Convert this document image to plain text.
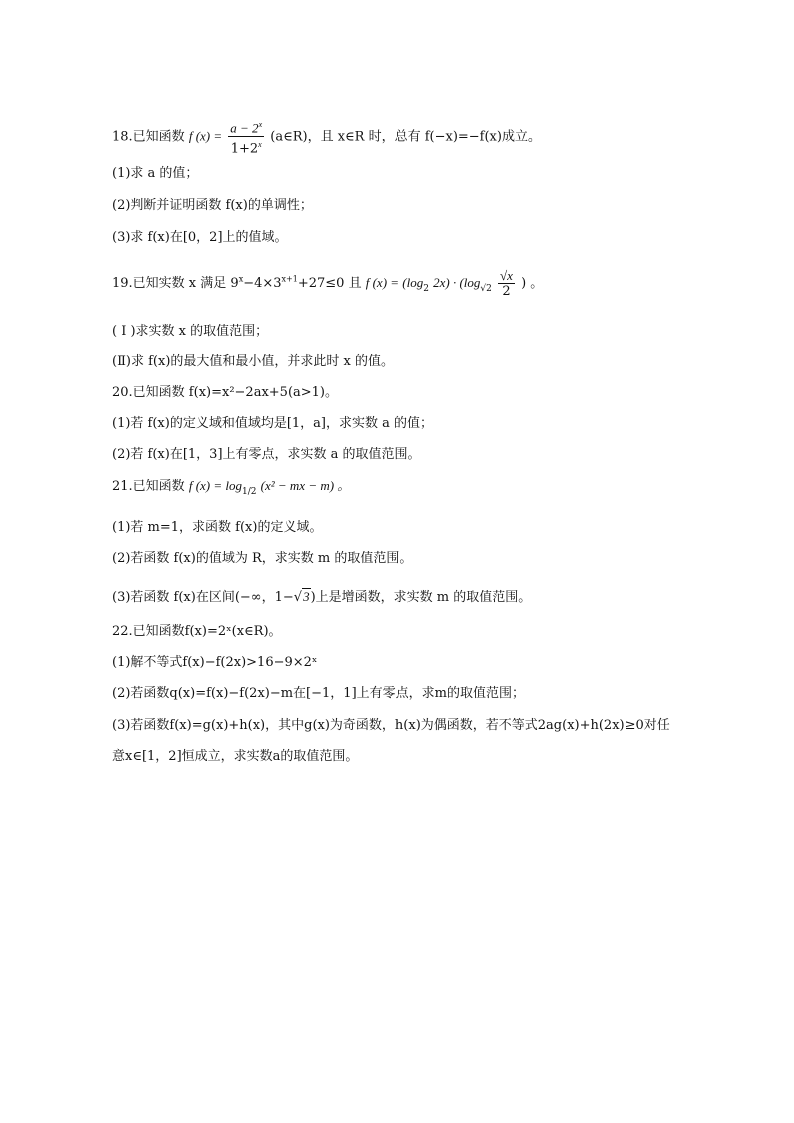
18.已知函数 f $(x) = \frac{a - 2^x}{1+2^x}$ (a∈R)，且 x∈R 时，总有 f(−x)=−f(x)成立。
(1)求 a 的值；
(2)判断并证明函数 f(x)的单调性；
(3)求 f(x)在[0，2]上的值域。
19.已知实数 x 满足 $9^x-4\times 3^{x+1}+27\le 0$ 且 f $(x) = (\log_2$ $2x) \cdot (\log_{√2} \frac{√x}{2}$ ) 。
( Ⅰ )求实数 x 的取值范围；
(Ⅱ)求 f(x)的最大值和最小值，并求此时 x 的值。
20.已知函数 f(x)=x²−2ax+5(a>1)。
(1)若 f(x)的定义域和值域均是[1，a]，求实数 a 的值；
(2)若 f(x)在[1，3]上有零点，求实数 a 的取值范围。
21.已知函数 f $(x) = \log_{1/2} (x^2$ − mx − m) 。
(1)若 m=1，求函数 f(x)的定义域。
(2)若函数 f(x)的值域为 R，求实数 m 的取值范围。
(3)若函数 f(x)在区间(−∞，1−√3)上是增函数，求实数 m 的取值范围。
22.已知函数f(x)=2ˣ(x∈R)。
(1)解不等式f(x)−f(2x)>16−9×2ˣ
(2)若函数q(x)=f(x)−f(2x)−m在[−1，1]上有零点，求m的取值范围；
(3)若函数f(x)=g(x)+h(x)，其中g(x)为奇函数，h(x)为偶函数，若不等式2ag(x)+h(2x)≥0对任
意x∈[1，2]恒成立，求实数a的取值范围。
